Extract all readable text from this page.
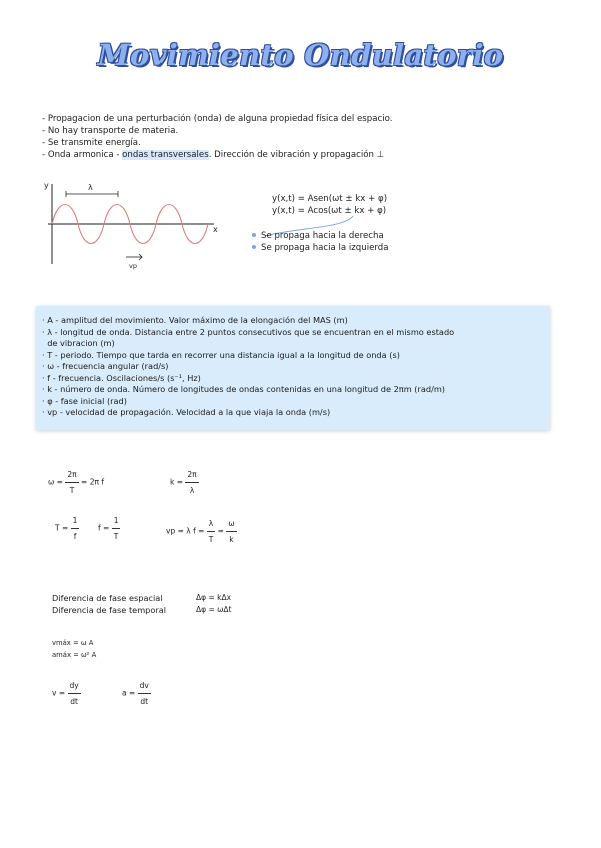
Movimiento Ondulatorio
- Propagacion de una perturbación (onda) de alguna propiedad física del espacio.
- No hay transporte de materia.
- Se transmite energía.
- Onda armonica - ondas transversales. Dirección de vibración y propagación ⊥
y
x
λ
vp
y(x,t) = Asen(ωt ± kx + φ)
y(x,t) = Acos(ωt ± kx + φ)
Se propaga hacia la derecha
Se propaga hacia la izquierda
· A - amplitud del movimiento. Valor máximo de la elongación del MAS (m)
· λ - longitud de onda. Distancia entre 2 puntos consecutivos que se encuentran en el mismo estado
de vibracion (m)
· T - periodo. Tiempo que tarda en recorrer una distancia igual a la longitud de onda (s)
· ω - frecuencia angular (rad/s)
· f - frecuencia. Oscilaciones/s (s⁻¹, Hz)
· k - número de onda. Número de longitudes de ondas contenidas en una longitud de 2πm (rad/m)
· φ - fase inicial (rad)
· vp - velocidad de propagación. Velocidad a la que viaja la onda (m/s)
$\omega = \frac{2\pi}{T} = 2\pi$ f	$k = \frac{2\pi}{\lambda}$
$T = \frac{1}{f}$ $f = \frac{1}{T}$	vp = λ $f = \frac{\lambda}{T} = \frac{\omega}{k}$
Diferencia de fase espacial	Δφ = kΔx
Diferencia de fase temporal	Δφ = ωΔt
vmáx = ω A
amáx = ω² A
$v = \frac{dy}{dt}$	$a = \frac{dv}{dt}$
